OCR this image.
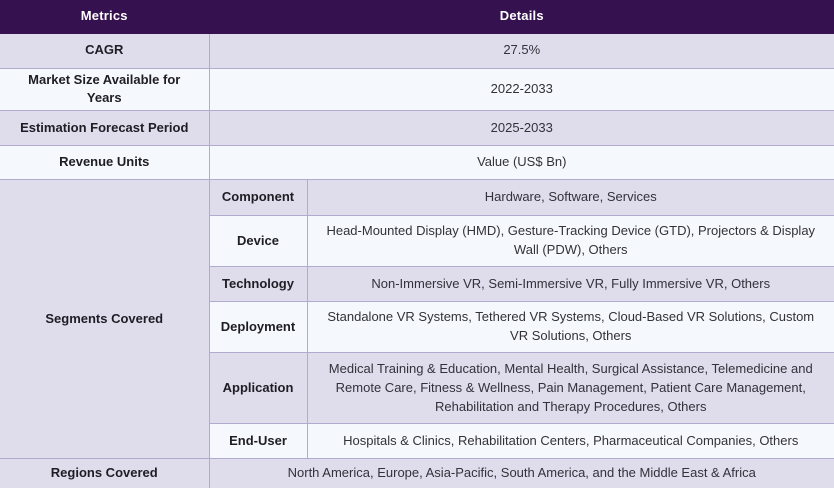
Metrics	Details	
CAGR	27.5%	
Market Size Available for Years	2022-2033	
Estimation Forecast Period	2025-2033	
Revenue Units	Value (US$ Bn)	
Segments Covered	Component	Hardware, Software, Services
	Device	Head-Mounted Display (HMD), Gesture-Tracking Device (GTD), Projectors & Display Wall (PDW), Others
	Technology	Non-Immersive VR, Semi-Immersive VR, Fully Immersive VR, Others
	Deployment	Standalone VR Systems, Tethered VR Systems, Cloud-Based VR Solutions, Custom VR Solutions, Others
	Application	Medical Training & Education, Mental Health, Surgical Assistance, Telemedicine and Remote Care, Fitness & Wellness, Pain Management, Patient Care Management, Rehabilitation and Therapy Procedures, Others
	End-User	Hospitals & Clinics, Rehabilitation Centers, Pharmaceutical Companies, Others
Regions Covered	North America, Europe, Asia-Pacific, South America, and the Middle East & Africa	
